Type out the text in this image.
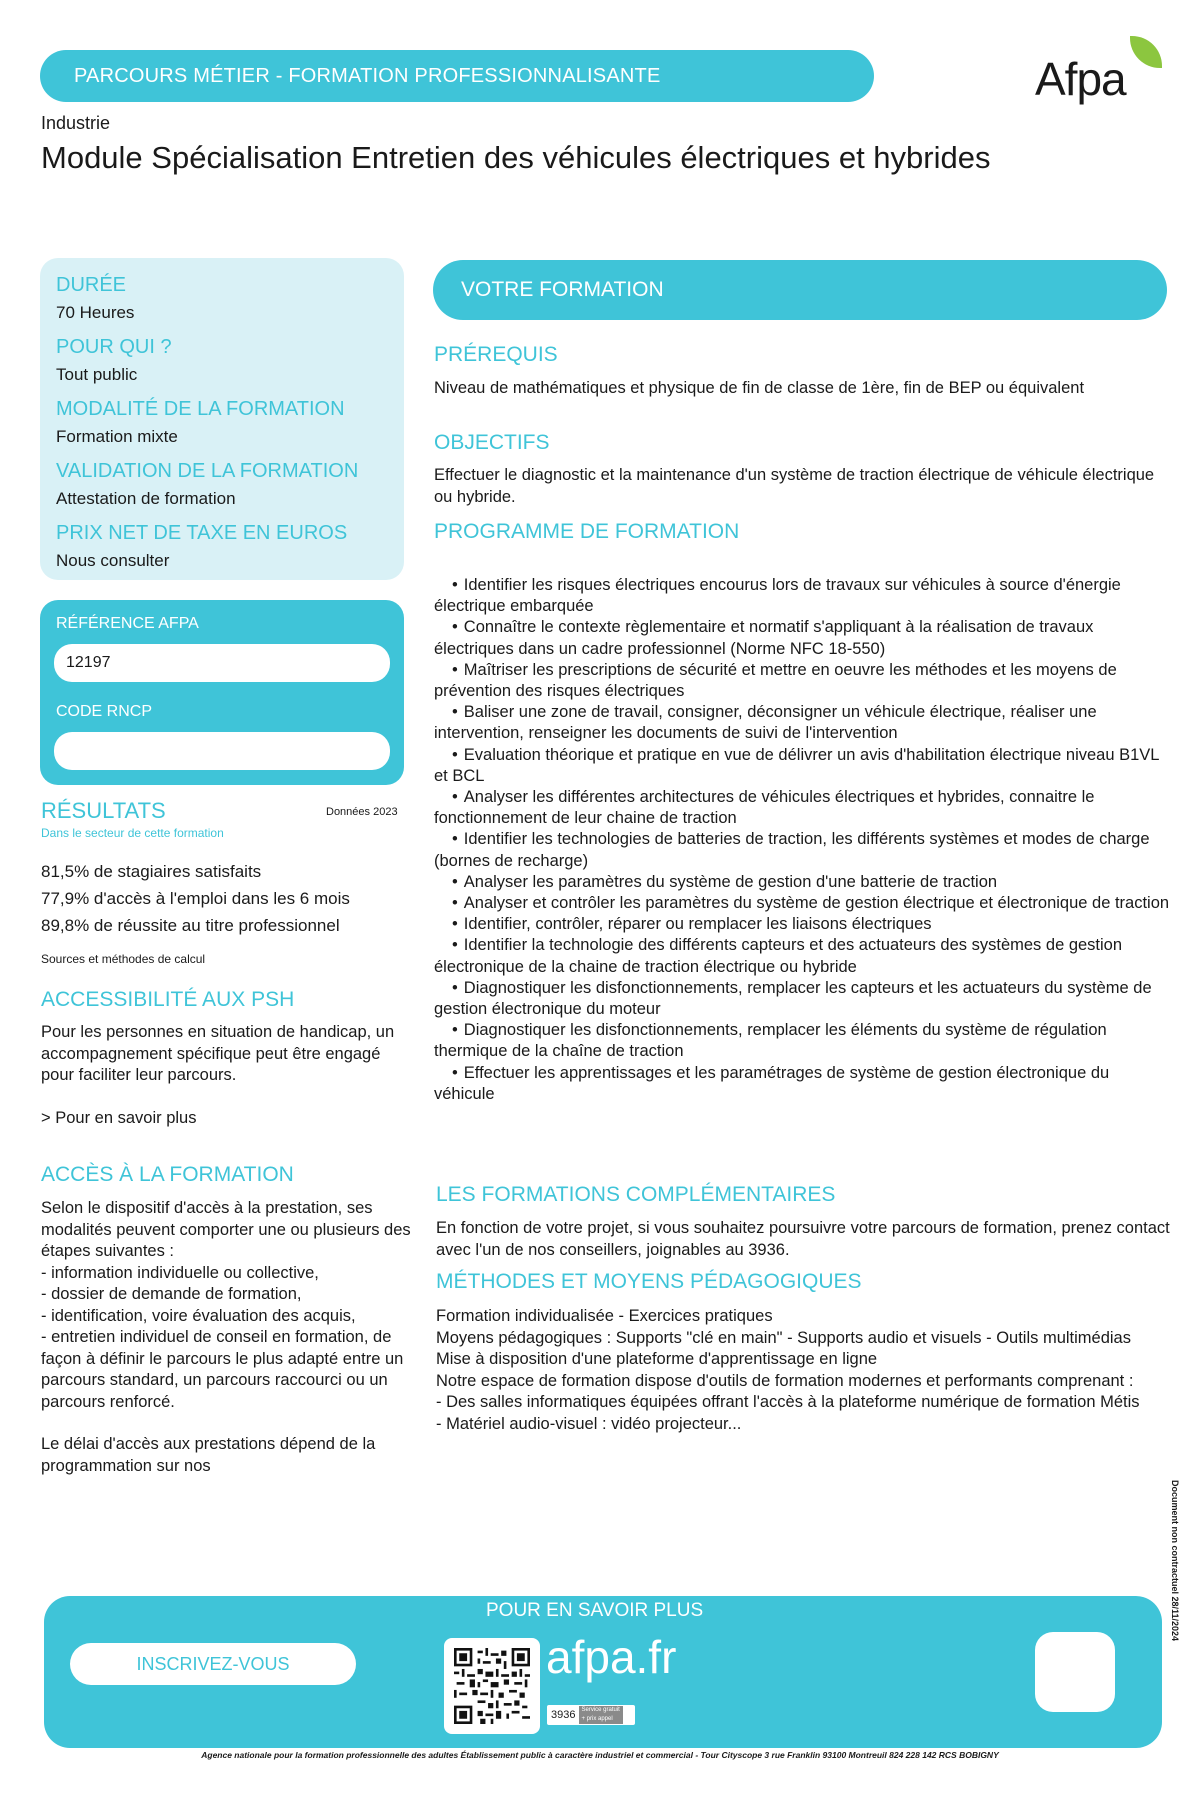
PARCOURS MÉTIER - FORMATION PROFESSIONNALISANTE	Afpa
Industrie
Module Spécialisation Entretien des véhicules électriques et hybrides
DURÉE
70 Heures
POUR QUI ?
Tout public
MODALITÉ DE LA FORMATION
Formation mixte
VALIDATION DE LA FORMATION
Attestation de formation
PRIX NET DE TAXE EN EUROS
Nous consulter
RÉFÉRENCE AFPA
12197
CODE RNCP
RÉSULTATS	Données 2023
Dans le secteur de cette formation
81,5% de stagiaires satisfaits
77,9% d'accès à l'emploi dans les 6 mois
89,8% de réussite au titre professionnel
Sources et méthodes de calcul
ACCESSIBILITÉ AUX PSH
Pour les personnes en situation de handicap, un accompagnement spécifique peut être engagé pour faciliter leur parcours.
> Pour en savoir plus
ACCÈS À LA FORMATION
Selon le dispositif d'accès à la prestation, ses modalités peuvent comporter une ou plusieurs des étapes suivantes :
- information individuelle ou collective,
- dossier de demande de formation,
- identification, voire évaluation des acquis,
- entretien individuel de conseil en formation, de façon à définir le parcours le plus adapté entre un parcours standard, un parcours raccourci ou un parcours renforcé.
Le délai d'accès aux prestations dépend de la programmation sur nos
VOTRE FORMATION
PRÉREQUIS
Niveau de mathématiques et physique de fin de classe de 1ère, fin de BEP ou équivalent
OBJECTIFS
Effectuer le diagnostic et la maintenance d'un système de traction électrique de véhicule électrique ou hybride.
PROGRAMME DE FORMATION
• Identifier les risques électriques encourus lors de travaux sur véhicules à source d'énergie électrique embarquée
• Connaître le contexte règlementaire et normatif s'appliquant à la réalisation de travaux électriques dans un cadre professionnel (Norme NFC 18-550)
• Maîtriser les prescriptions de sécurité et mettre en oeuvre les méthodes et les moyens de prévention des risques électriques
• Baliser une zone de travail, consigner, déconsigner un véhicule électrique, réaliser une intervention, renseigner les documents de suivi de l'intervention
• Evaluation théorique et pratique en vue de délivrer un avis d'habilitation électrique niveau B1VL et BCL
• Analyser les différentes architectures de véhicules électriques et hybrides, connaitre le fonctionnement de leur chaine de traction
• Identifier les technologies de batteries de traction, les différents systèmes et modes de charge (bornes de recharge)
• Analyser les paramètres du système de gestion d'une batterie de traction
• Analyser et contrôler les paramètres du système de gestion électrique et électronique de traction
• Identifier, contrôler, réparer ou remplacer les liaisons électriques
• Identifier la technologie des différents capteurs et des actuateurs des systèmes de gestion électronique de la chaine de traction électrique ou hybride
• Diagnostiquer les disfonctionnements, remplacer les capteurs et les actuateurs du système de gestion électronique du moteur
• Diagnostiquer les disfonctionnements, remplacer les éléments du système de régulation thermique de la chaîne de traction
• Effectuer les apprentissages et les paramétrages de système de gestion électronique du véhicule
LES FORMATIONS COMPLÉMENTAIRES
En fonction de votre projet, si vous souhaitez poursuivre votre parcours de formation, prenez contact avec l'un de nos conseillers, joignables au 3936.
MÉTHODES ET MOYENS PÉDAGOGIQUES
Formation individualisée - Exercices pratiques
Moyens pédagogiques : Supports "clé en main" - Supports audio et visuels - Outils multimédias
Mise à disposition d'une plateforme d'apprentissage en ligne
Notre espace de formation dispose d'outils de formation modernes et performants comprenant :
- Des salles informatiques équipées offrant l'accès à la plateforme numérique de formation Métis
- Matériel audio-visuel : vidéo projecteur...
POUR EN SAVOIR PLUS
INSCRIVEZ-VOUS	afpa.fr
3936 Service gratuit + prix appel
Agence nationale pour la formation professionnelle des adultes Établissement public à caractère industriel et commercial - Tour Cityscope 3 rue Franklin 93100 Montreuil 824 228 142 RCS BOBIGNY
Document non contractuel 28/11/2024
